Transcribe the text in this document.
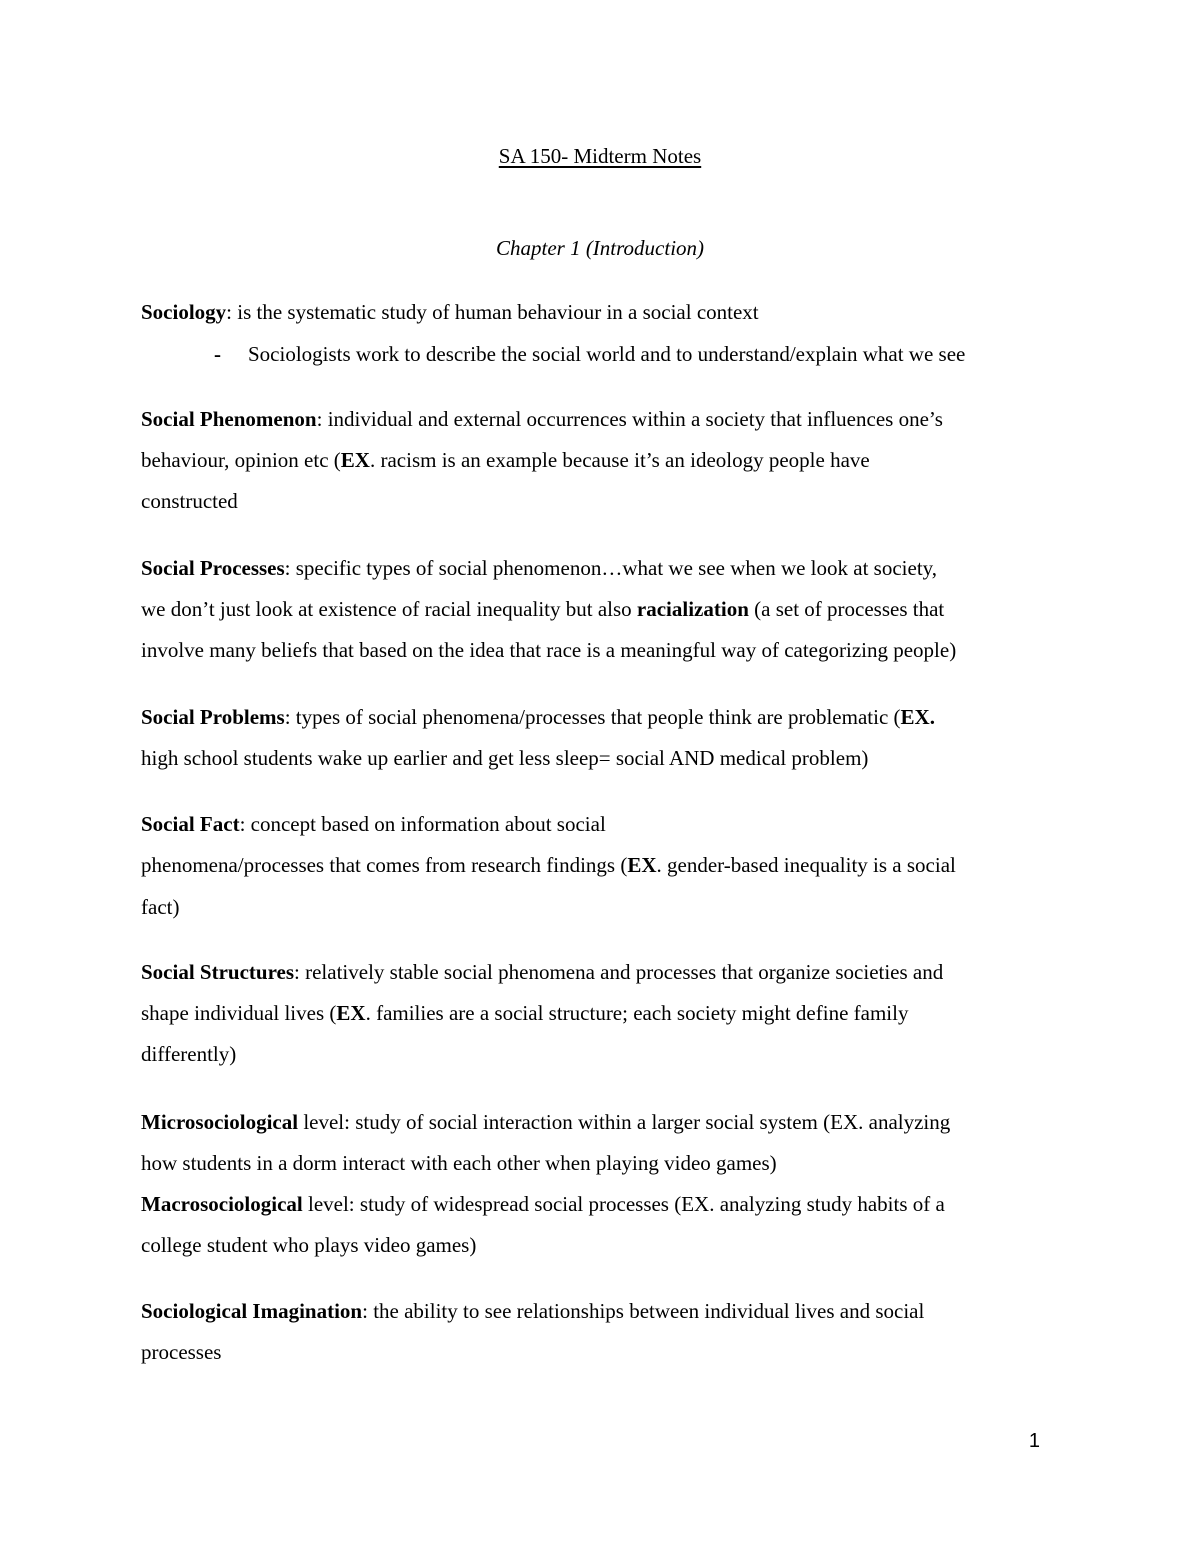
SA 150- Midterm Notes
Chapter 1 (Introduction)
Sociology: is the systematic study of human behaviour in a social context
- Sociologists work to describe the social world and to understand/explain what we see
Social Phenomenon: individual and external occurrences within a society that influences one’s
behaviour, opinion etc (EX. racism is an example because it’s an ideology people have
constructed
Social Processes: specific types of social phenomenon…what we see when we look at society,
we don’t just look at existence of racial inequality but also racialization (a set of processes that
involve many beliefs that based on the idea that race is a meaningful way of categorizing people)
Social Problems: types of social phenomena/processes that people think are problematic (EX.
high school students wake up earlier and get less sleep= social AND medical problem)
Social Fact: concept based on information about social
phenomena/processes that comes from research findings (EX. gender-based inequality is a social
fact)
Social Structures: relatively stable social phenomena and processes that organize societies and
shape individual lives (EX. families are a social structure; each society might define family
differently)
Microsociological level: study of social interaction within a larger social system (EX. analyzing
how students in a dorm interact with each other when playing video games)
Macrosociological level: study of widespread social processes (EX. analyzing study habits of a
college student who plays video games)
Sociological Imagination: the ability to see relationships between individual lives and social
processes
1
